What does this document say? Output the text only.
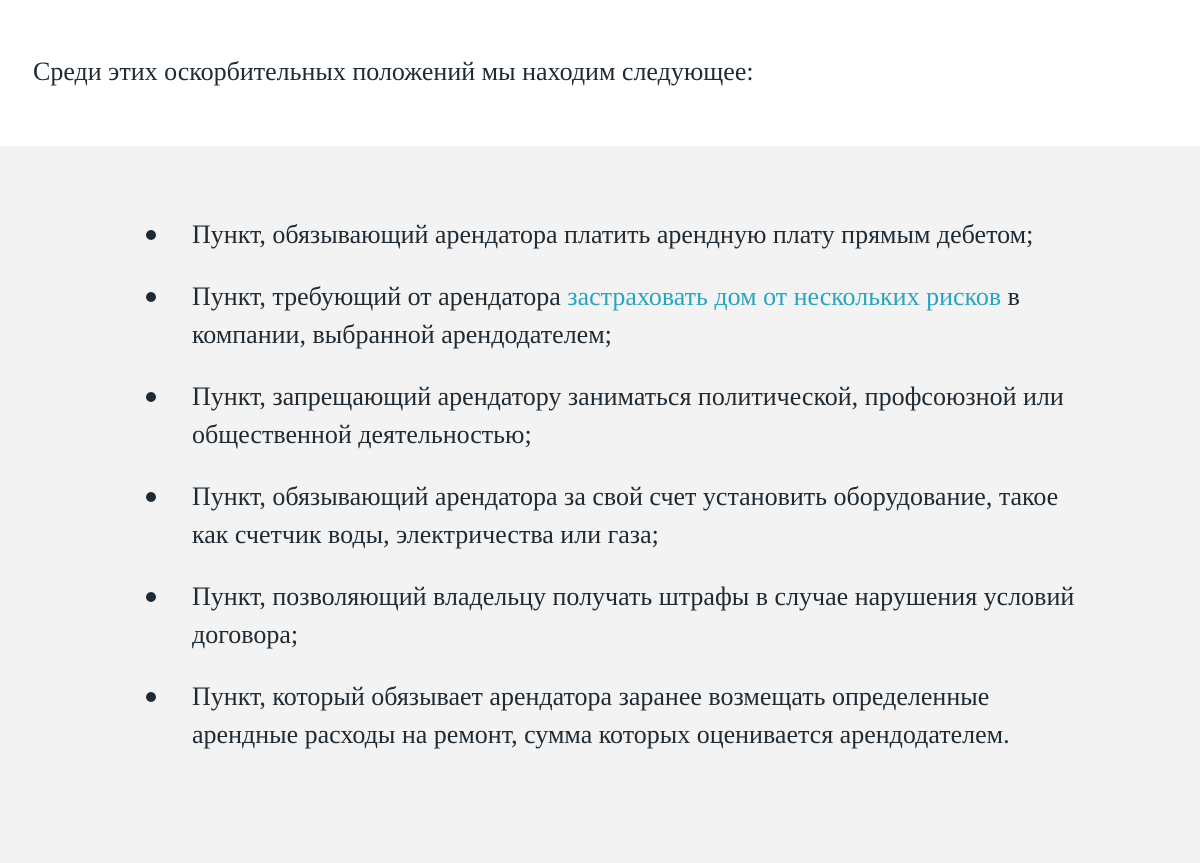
Среди этих оскорбительных положений мы находим следующее:

Пункт, обязывающий арендатора платить арендную плату прямым дебетом;
Пункт, требующий от арендатора застраховать дом от нескольких рисков в компании, выбранной арендодателем;
Пункт, запрещающий арендатору заниматься политической, профсоюзной или общественной деятельностью;
Пункт, обязывающий арендатора за свой счет установить оборудование, такое как счетчик воды, электричества или газа;
Пункт, позволяющий владельцу получать штрафы в случае нарушения условий договора;
Пункт, который обязывает арендатора заранее возмещать определенные арендные расходы на ремонт, сумма которых оценивается арендодателем.
